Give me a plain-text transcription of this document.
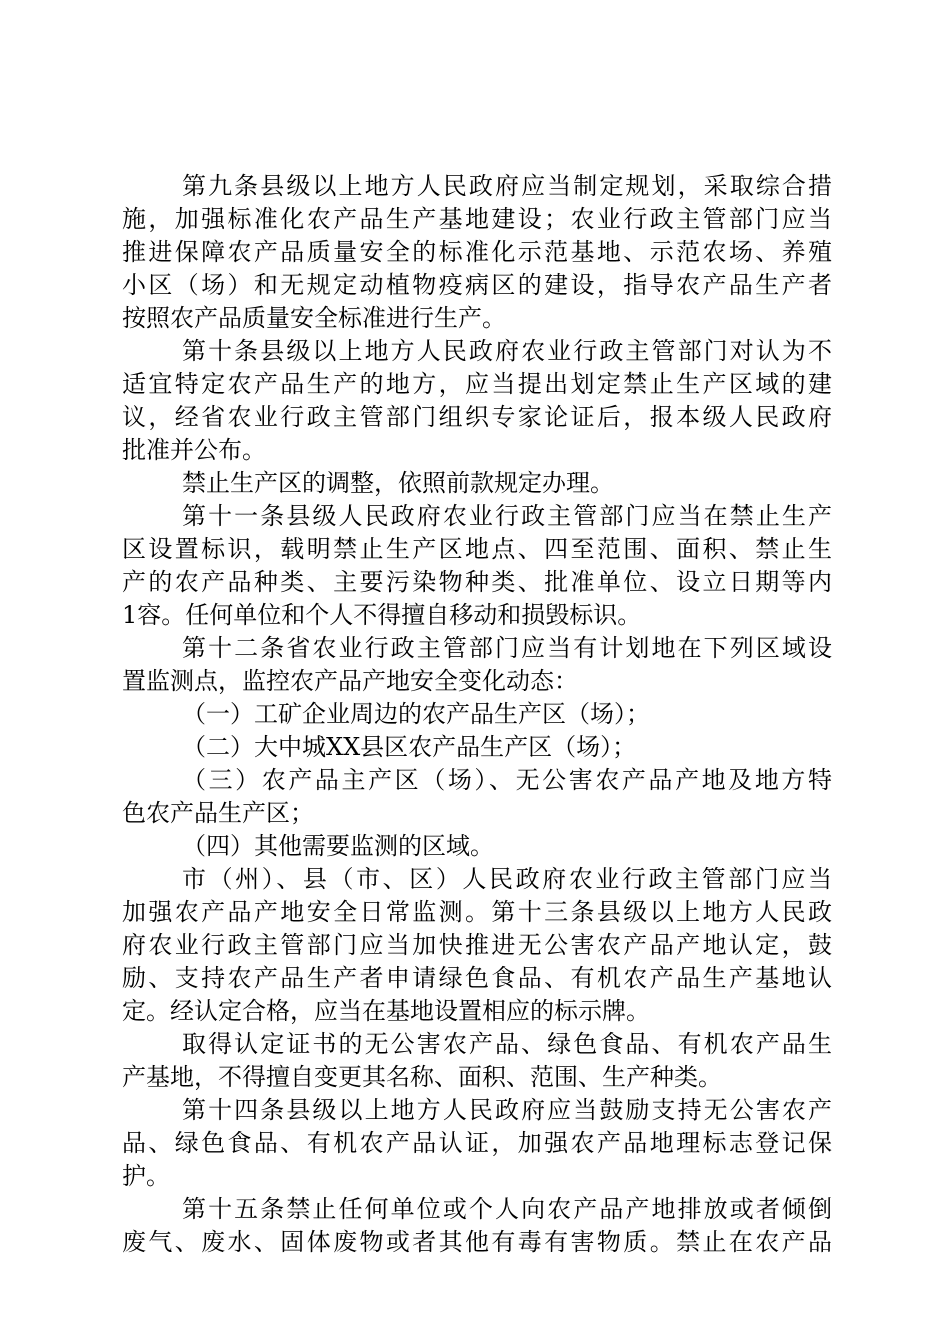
第九条县级以上地方人民政府应当制定规划，采取综合措
施，加强标准化农产品生产基地建设；农业行政主管部门应当
推进保障农产品质量安全的标准化示范基地、示范农场、养殖
小区（场）和无规定动植物疫病区的建设，指导农产品生产者
按照农产品质量安全标准进行生产。
第十条县级以上地方人民政府农业行政主管部门对认为不
适宜特定农产品生产的地方，应当提出划定禁止生产区域的建
议，经省农业行政主管部门组织专家论证后，报本级人民政府
批准并公布。
禁止生产区的调整，依照前款规定办理。
第十一条县级人民政府农业行政主管部门应当在禁止生产
区设置标识，载明禁止生产区地点、四至范围、面积、禁止生
产的农产品种类、主要污染物种类、批准单位、设立日期等内
1容。任何单位和个人不得擅自移动和损毁标识。
第十二条省农业行政主管部门应当有计划地在下列区域设
置监测点，监控农产品产地安全变化动态：
（一）工矿企业周边的农产品生产区（场）；
（二）大中城XX县区农产品生产区（场）；
（三）农产品主产区（场）、无公害农产品产地及地方特
色农产品生产区；
（四）其他需要监测的区域。
市（州）、县（市、区）人民政府农业行政主管部门应当
加强农产品产地安全日常监测。第十三条县级以上地方人民政
府农业行政主管部门应当加快推进无公害农产品产地认定，鼓
励、支持农产品生产者申请绿色食品、有机农产品生产基地认
定。经认定合格，应当在基地设置相应的标示牌。
取得认定证书的无公害农产品、绿色食品、有机农产品生
产基地，不得擅自变更其名称、面积、范围、生产种类。
第十四条县级以上地方人民政府应当鼓励支持无公害农产
品、绿色食品、有机农产品认证，加强农产品地理标志登记保
护。
第十五条禁止任何单位或个人向农产品产地排放或者倾倒
废气、废水、固体废物或者其他有毒有害物质。禁止在农产品
